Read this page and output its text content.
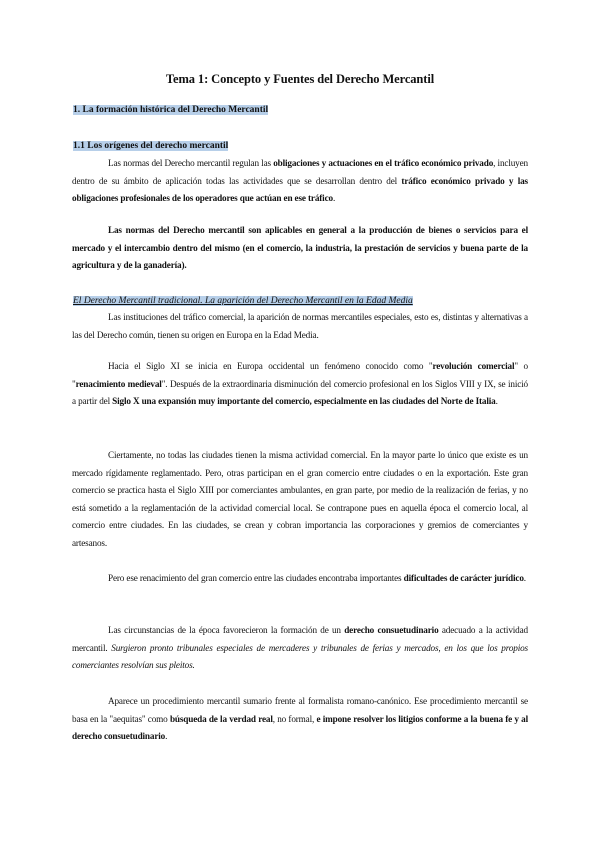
Tema 1: Concepto y Fuentes del Derecho Mercantil
1. La formación histórica del Derecho Mercantil
1.1 Los orígenes del derecho mercantil
Las normas del Derecho mercantil regulan las obligaciones y actuaciones en el tráfico económico privado, incluyen dentro de su ámbito de aplicación todas las actividades que se desarrollan dentro del tráfico económico privado y las obligaciones profesionales de los operadores que actúan en ese tráfico.
Las normas del Derecho mercantil son aplicables en general a la producción de bienes o servicios para el mercado y el intercambio dentro del mismo (en el comercio, la industria, la prestación de servicios y buena parte de la agricultura y de la ganadería).
El Derecho Mercantil tradicional. La aparición del Derecho Mercantil en la Edad Media
Las instituciones del tráfico comercial, la aparición de normas mercantiles especiales, esto es, distintas y alternativas a las del Derecho común, tienen su origen en Europa en la Edad Media.
Hacia el Siglo XI se inicia en Europa occidental un fenómeno conocido como "revolución comercial" o "renacimiento medieval". Después de la extraordinaria disminución del comercio profesional en los Siglos VIII y IX, se inició a partir del Siglo X una expansión muy importante del comercio, especialmente en las ciudades del Norte de Italia.
Ciertamente, no todas las ciudades tienen la misma actividad comercial. En la mayor parte lo único que existe es un mercado rígidamente reglamentado. Pero, otras participan en el gran comercio entre ciudades o en la exportación. Este gran comercio se practica hasta el Siglo XIII por comerciantes ambulantes, en gran parte, por medio de la realización de ferias, y no está sometido a la reglamentación de la actividad comercial local. Se contrapone pues en aquella época el comercio local, al comercio entre ciudades. En las ciudades, se crean y cobran importancia las corporaciones y gremios de comerciantes y artesanos.
Pero ese renacimiento del gran comercio entre las ciudades encontraba importantes dificultades de carácter jurídico.
Las circunstancias de la época favorecieron la formación de un derecho consuetudinario adecuado a la actividad mercantil. Surgieron pronto tribunales especiales de mercaderes y tribunales de ferias y mercados, en los que los propios comerciantes resolvían sus pleitos.
Aparece un procedimiento mercantil sumario frente al formalista romano-canónico. Ese procedimiento mercantil se basa en la "aequitas" como búsqueda de la verdad real, no formal, e impone resolver los litigios conforme a la buena fe y al derecho consuetudinario.
